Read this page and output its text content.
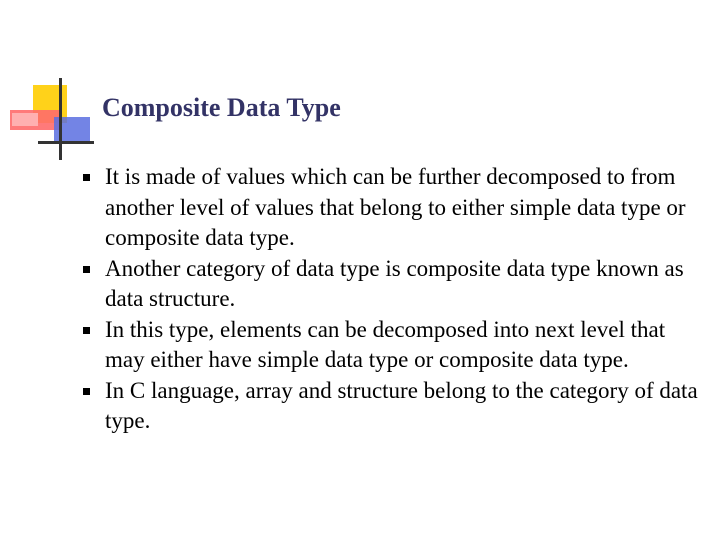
Composite Data Type
It is made of values which can be further decomposed to from another level of values that belong to either simple data type or composite data type.
Another category of data type is composite data type known as data structure.
In this type, elements can be decomposed into next level that may either have simple data type or composite data type.
In C language, array and structure belong to the category of data type.
